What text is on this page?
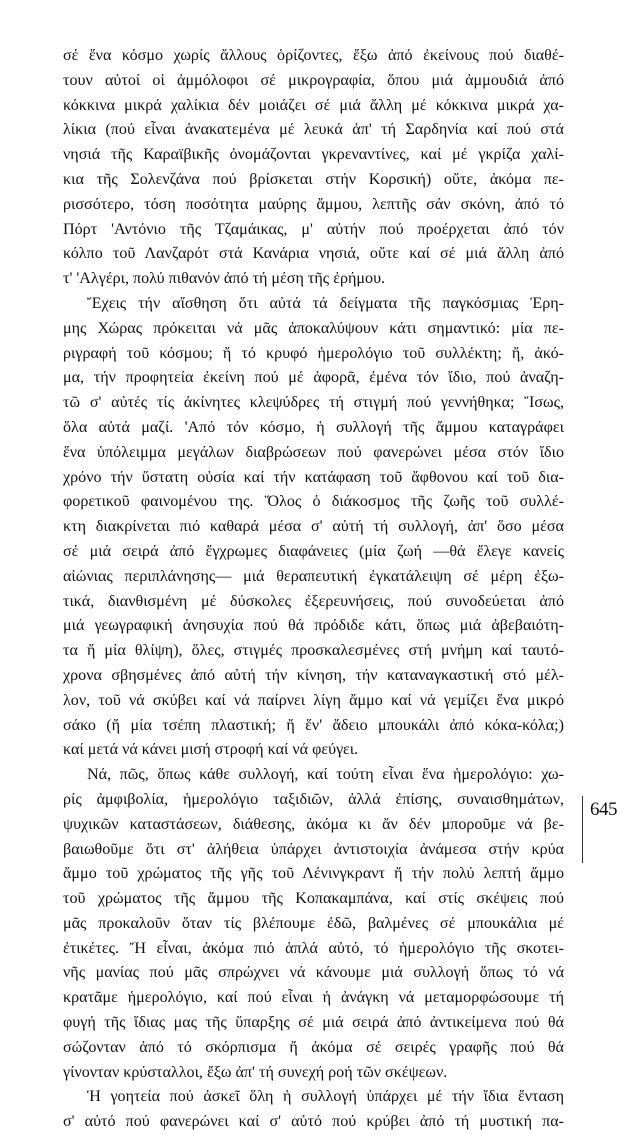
σέ ἕνα κόσμο χωρίς ἄλλους ὁρίζοντες, ἔξω ἀπό ἐκείνους πού διαθέ-
τουν αὐτοί οἱ ἀμμόλοφοι σέ μικρογραφία, ὅπου μιά ἀμμουδιά ἀπό
κόκκινα μικρά χαλίκια δέν μοιάζει σέ μιά ἄλλη μέ κόκκινα μικρά χα-
λίκια (πού εἶναι ἀνακατεμένα μέ λευκά ἀπ' τή Σαρδηνία καί πού στά
νησιά τῆς Καραϊβικῆς ὀνομάζονται γκρεναντίνες, καί μέ γκρίζα χαλί-
κια τῆς Σολενζάνα πού βρίσκεται στήν Κορσική) οὔτε, ἀκόμα πε-
ρισσότερο, τόση ποσότητα μαύρης ἄμμου, λεπτῆς σάν σκόνη, ἀπό τό
Πόρτ 'Αντόνιο τῆς Τζαμάικας, μ' αὐτήν πού προέρχεται ἀπό τόν
κόλπο τοῦ Λανζαρότ στά Κανάρια νησιά, οὔτε καί σέ μιά ἄλλη ἀπό
τ' 'Αλγέρι, πολύ πιθανόν ἀπό τή μέση τῆς ἐρήμου.
Ἔχεις τήν αἴσθηση ὅτι αὐτά τά δείγματα τῆς παγκόσμιας Ἐρη-
μης Χώρας πρόκειται νά μᾶς ἀποκαλύψουν κάτι σημαντικό: μία πε-
ριγραφή τοῦ κόσμου; ἤ τό κρυφό ἡμερολόγιο τοῦ συλλέκτη; ἤ, ἀκό-
μα, τήν προφητεία ἐκείνη πού μέ ἀφορᾶ, ἐμένα τόν ἴδιο, πού ἀναζη-
τῶ σ' αὐτές τίς ἀκίνητες κλεψύδρες τή στιγμή πού γεννήθηκα; Ἴσως,
ὅλα αὐτά μαζί. 'Από τόν κόσμο, ἡ συλλογή τῆς ἄμμου καταγράφει
ἕνα ὑπόλειμμα μεγάλων διαβρώσεων πού φανερώνει μέσα στόν ἴδιο
χρόνο τήν ὕστατη οὐσία καί τήν κατάφαση τοῦ ἄφθονου καί τοῦ δια-
φορετικοῦ φαινομένου της. Ὅλος ὁ διάκοσμος τῆς ζωῆς τοῦ συλλέ-
κτη διακρίνεται πιό καθαρά μέσα σ' αὐτή τή συλλογή, ἀπ' ὅσο μέσα
σέ μιά σειρά ἀπό ἔγχρωμες διαφάνειες (μία ζωή —θά ἔλεγε κανείς
αἰώνιας περιπλάνησης— μιά θεραπευτική ἐγκατάλειψη σέ μέρη ἐξω-
τικά, διανθισμένη μέ δύσκολες ἐξερευνήσεις, πού συνοδεύεται ἀπό
μιά γεωγραφική ἀνησυχία πού θά πρόδιδε κάτι, ὅπως μιά ἀβεβαιότη-
τα ἤ μία θλίψη), ὅλες, στιγμές προσκαλεσμένες στή μνήμη καί ταυτό-
χρονα σβησμένες ἀπό αὐτή τήν κίνηση, τήν καταναγκαστική στό μέλ-
λον, τοῦ νά σκύβει καί νά παίρνει λίγη ἄμμο καί νά γεμίζει ἕνα μικρό
σάκο (ἤ μία τσέπη πλαστική; ἤ ἕν' ἄδειο μπουκάλι ἀπό κόκα-κόλα;)
καί μετά νά κάνει μισή στροφή καί νά φεύγει.
Νά, πῶς, ὅπως κάθε συλλογή, καί τούτη εἶναι ἕνα ἡμερολόγιο: χω-
ρίς ἀμφιβολία, ἡμερολόγιο ταξιδιῶν, ἀλλά ἐπίσης, συναισθημάτων,
ψυχικῶν καταστάσεων, διάθεσης, ἀκόμα κι ἄν δέν μποροῦμε νά βε-
βαιωθοῦμε ὅτι στ' ἀλήθεια ὑπάρχει ἀντιστοιχία ἀνάμεσα στήν κρύα
ἄμμο τοῦ χρώματος τῆς γῆς τοῦ Λένινγκραντ ἤ τήν πολύ λεπτή ἄμμο
τοῦ χρώματος τῆς ἄμμου τῆς Κοπακαμπάνα, καί στίς σκέψεις πού
μᾶς προκαλοῦν ὅταν τίς βλέπουμε ἐδῶ, βαλμένες σέ μπουκάλια μέ
ἐτικέτες. Ἤ εἶναι, ἀκόμα πιό ἁπλά αὐτό, τό ἡμερολόγιο τῆς σκοτει-
νῆς μανίας πού μᾶς σπρώχνει νά κάνουμε μιά συλλογή ὅπως τό νά
κρατᾶμε ἡμερολόγιο, καί πού εἶναι ἡ ἀνάγκη νά μεταμορφώσουμε τή
φυγή τῆς ἴδιας μας τῆς ὕπαρξης σέ μιά σειρά ἀπό ἀντικείμενα πού θά
σώζονταν ἀπό τό σκόρπισμα ἤ ἀκόμα σέ σειρές γραφῆς πού θά
γίνονταν κρύσταλλοι, ἔξω ἀπ' τή συνεχή ροή τῶν σκέψεων.
Ἡ γοητεία πού ἀσκεῖ ὅλη ἡ συλλογή ὑπάρχει μέ τήν ἴδια ἔνταση
σ' αὐτό πού φανερώνει καί σ' αὐτό πού κρύβει ἀπό τή μυστική πα-
645
